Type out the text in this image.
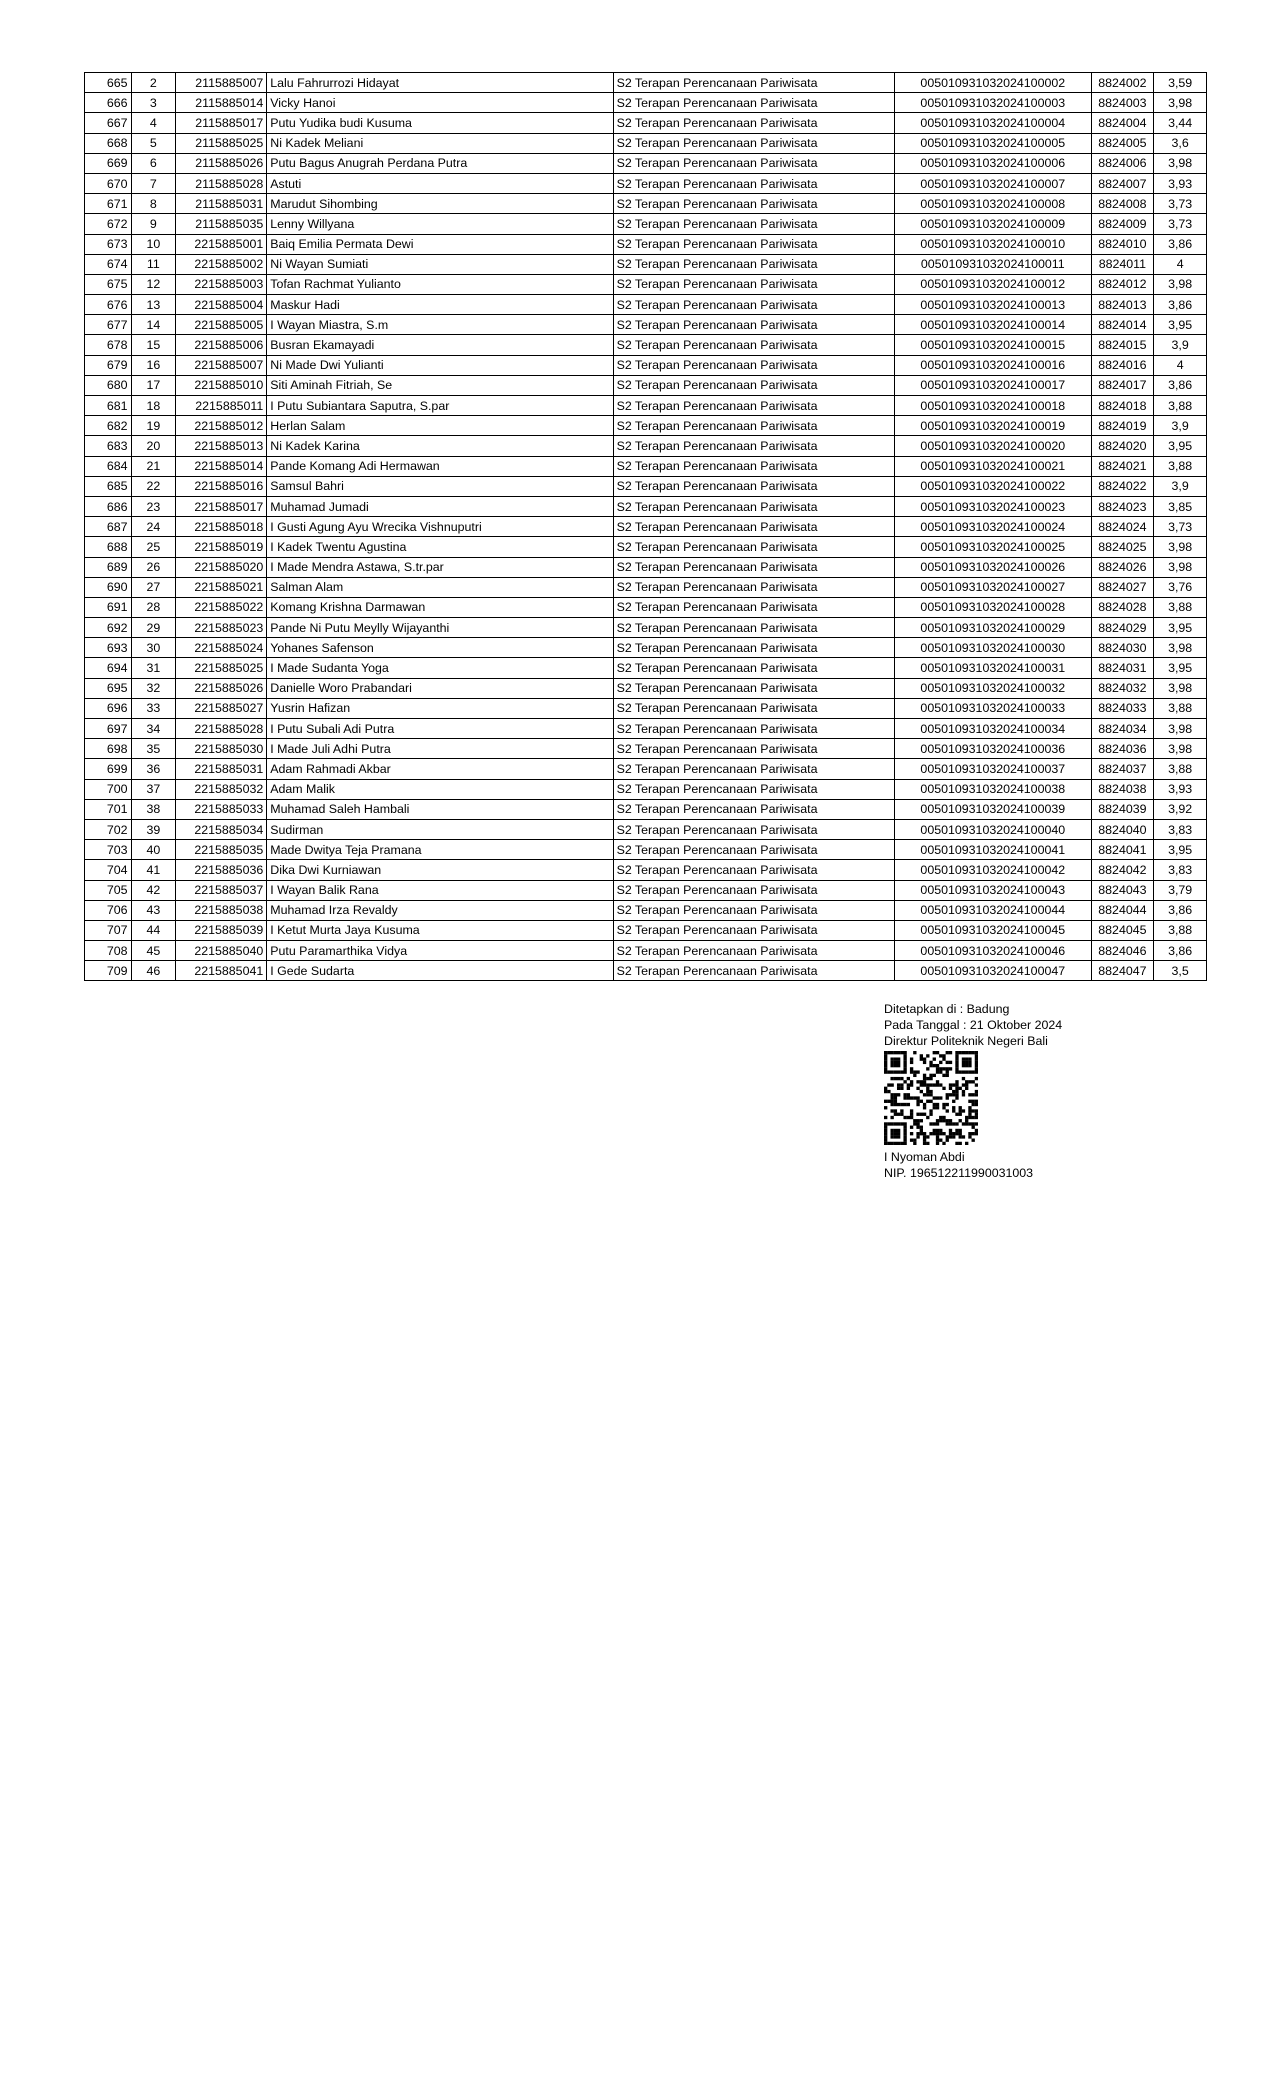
665	2	2115885007	Lalu Fahrurrozi Hidayat	S2 Terapan Perencanaan Pariwisata	005010931032024100002	8824002	3,59
666	3	2115885014	Vicky Hanoi	S2 Terapan Perencanaan Pariwisata	005010931032024100003	8824003	3,98
667	4	2115885017	Putu Yudika budi Kusuma	S2 Terapan Perencanaan Pariwisata	005010931032024100004	8824004	3,44
668	5	2115885025	Ni Kadek Meliani	S2 Terapan Perencanaan Pariwisata	005010931032024100005	8824005	3,6
669	6	2115885026	Putu Bagus Anugrah Perdana Putra	S2 Terapan Perencanaan Pariwisata	005010931032024100006	8824006	3,98
670	7	2115885028	Astuti	S2 Terapan Perencanaan Pariwisata	005010931032024100007	8824007	3,93
671	8	2115885031	Marudut Sihombing	S2 Terapan Perencanaan Pariwisata	005010931032024100008	8824008	3,73
672	9	2115885035	Lenny Willyana	S2 Terapan Perencanaan Pariwisata	005010931032024100009	8824009	3,73
673	10	2215885001	Baiq Emilia Permata Dewi	S2 Terapan Perencanaan Pariwisata	005010931032024100010	8824010	3,86
674	11	2215885002	Ni Wayan Sumiati	S2 Terapan Perencanaan Pariwisata	005010931032024100011	8824011	4
675	12	2215885003	Tofan Rachmat Yulianto	S2 Terapan Perencanaan Pariwisata	005010931032024100012	8824012	3,98
676	13	2215885004	Maskur Hadi	S2 Terapan Perencanaan Pariwisata	005010931032024100013	8824013	3,86
677	14	2215885005	I Wayan Miastra, S.m	S2 Terapan Perencanaan Pariwisata	005010931032024100014	8824014	3,95
678	15	2215885006	Busran Ekamayadi	S2 Terapan Perencanaan Pariwisata	005010931032024100015	8824015	3,9
679	16	2215885007	Ni Made Dwi Yulianti	S2 Terapan Perencanaan Pariwisata	005010931032024100016	8824016	4
680	17	2215885010	Siti Aminah Fitriah, Se	S2 Terapan Perencanaan Pariwisata	005010931032024100017	8824017	3,86
681	18	2215885011	I Putu Subiantara Saputra, S.par	S2 Terapan Perencanaan Pariwisata	005010931032024100018	8824018	3,88
682	19	2215885012	Herlan Salam	S2 Terapan Perencanaan Pariwisata	005010931032024100019	8824019	3,9
683	20	2215885013	Ni Kadek Karina	S2 Terapan Perencanaan Pariwisata	005010931032024100020	8824020	3,95
684	21	2215885014	Pande Komang Adi Hermawan	S2 Terapan Perencanaan Pariwisata	005010931032024100021	8824021	3,88
685	22	2215885016	Samsul Bahri	S2 Terapan Perencanaan Pariwisata	005010931032024100022	8824022	3,9
686	23	2215885017	Muhamad Jumadi	S2 Terapan Perencanaan Pariwisata	005010931032024100023	8824023	3,85
687	24	2215885018	I Gusti Agung Ayu Wrecika Vishnuputri	S2 Terapan Perencanaan Pariwisata	005010931032024100024	8824024	3,73
688	25	2215885019	I Kadek Twentu Agustina	S2 Terapan Perencanaan Pariwisata	005010931032024100025	8824025	3,98
689	26	2215885020	I Made Mendra Astawa, S.tr.par	S2 Terapan Perencanaan Pariwisata	005010931032024100026	8824026	3,98
690	27	2215885021	Salman Alam	S2 Terapan Perencanaan Pariwisata	005010931032024100027	8824027	3,76
691	28	2215885022	Komang Krishna Darmawan	S2 Terapan Perencanaan Pariwisata	005010931032024100028	8824028	3,88
692	29	2215885023	Pande Ni Putu Meylly Wijayanthi	S2 Terapan Perencanaan Pariwisata	005010931032024100029	8824029	3,95
693	30	2215885024	Yohanes Safenson	S2 Terapan Perencanaan Pariwisata	005010931032024100030	8824030	3,98
694	31	2215885025	I Made Sudanta Yoga	S2 Terapan Perencanaan Pariwisata	005010931032024100031	8824031	3,95
695	32	2215885026	Danielle Woro Prabandari	S2 Terapan Perencanaan Pariwisata	005010931032024100032	8824032	3,98
696	33	2215885027	Yusrin Hafizan	S2 Terapan Perencanaan Pariwisata	005010931032024100033	8824033	3,88
697	34	2215885028	I Putu Subali Adi Putra	S2 Terapan Perencanaan Pariwisata	005010931032024100034	8824034	3,98
698	35	2215885030	I Made Juli Adhi Putra	S2 Terapan Perencanaan Pariwisata	005010931032024100036	8824036	3,98
699	36	2215885031	Adam Rahmadi Akbar	S2 Terapan Perencanaan Pariwisata	005010931032024100037	8824037	3,88
700	37	2215885032	Adam Malik	S2 Terapan Perencanaan Pariwisata	005010931032024100038	8824038	3,93
701	38	2215885033	Muhamad Saleh Hambali	S2 Terapan Perencanaan Pariwisata	005010931032024100039	8824039	3,92
702	39	2215885034	Sudirman	S2 Terapan Perencanaan Pariwisata	005010931032024100040	8824040	3,83
703	40	2215885035	Made Dwitya Teja Pramana	S2 Terapan Perencanaan Pariwisata	005010931032024100041	8824041	3,95
704	41	2215885036	Dika Dwi Kurniawan	S2 Terapan Perencanaan Pariwisata	005010931032024100042	8824042	3,83
705	42	2215885037	I Wayan Balik Rana	S2 Terapan Perencanaan Pariwisata	005010931032024100043	8824043	3,79
706	43	2215885038	Muhamad Irza Revaldy	S2 Terapan Perencanaan Pariwisata	005010931032024100044	8824044	3,86
707	44	2215885039	I Ketut Murta Jaya Kusuma	S2 Terapan Perencanaan Pariwisata	005010931032024100045	8824045	3,88
708	45	2215885040	Putu Paramarthika Vidya	S2 Terapan Perencanaan Pariwisata	005010931032024100046	8824046	3,86
709	46	2215885041	I Gede Sudarta	S2 Terapan Perencanaan Pariwisata	005010931032024100047	8824047	3,5
Ditetapkan di : Badung
Pada Tanggal : 21 Oktober 2024
Direktur Politeknik Negeri Bali
I Nyoman Abdi
NIP. 196512211990031003
